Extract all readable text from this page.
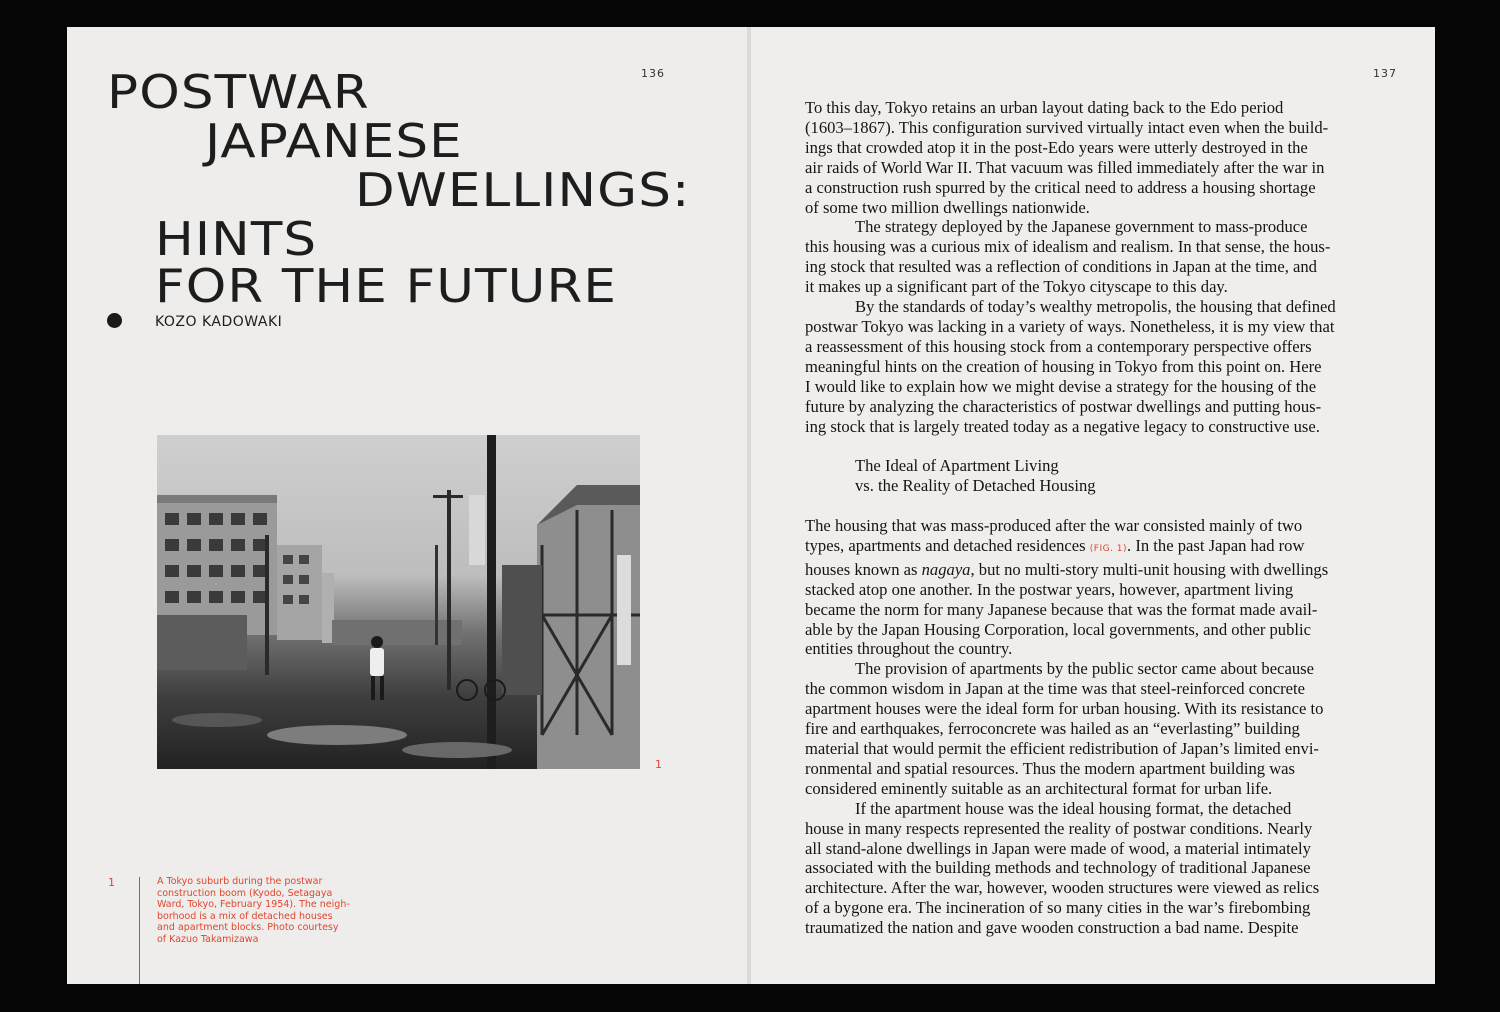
136
POSTWAR
JAPANESE
DWELLINGS:
HINTS
FOR THE FUTURE
KOZO KADOWAKI
1
1	A Tokyo suburb during the postwar
construction boom (Kyodo, Setagaya
Ward, Tokyo, February 1954). The neigh-
borhood is a mix of detached houses
and apartment blocks. Photo courtesy
of Kazuo Takamizawa

137
To this day, Tokyo retains an urban layout dating back to the Edo period
(1603–1867). This configuration survived virtually intact even when the build-
ings that crowded atop it in the post-Edo years were utterly destroyed in the
air raids of World War II. That vacuum was filled immediately after the war in
a construction rush spurred by the critical need to address a housing shortage
of some two million dwellings nationwide.
The strategy deployed by the Japanese government to mass-produce
this housing was a curious mix of idealism and realism. In that sense, the hous-
ing stock that resulted was a reflection of conditions in Japan at the time, and
it makes up a significant part of the Tokyo cityscape to this day.
By the standards of today’s wealthy metropolis, the housing that defined
postwar Tokyo was lacking in a variety of ways. Nonetheless, it is my view that
a reassessment of this housing stock from a contemporary perspective offers
meaningful hints on the creation of housing in Tokyo from this point on. Here
I would like to explain how we might devise a strategy for the housing of the
future by analyzing the characteristics of postwar dwellings and putting hous-
ing stock that is largely treated today as a negative legacy to constructive use.
The Ideal of Apartment Living
vs. the Reality of Detached Housing
The housing that was mass-produced after the war consisted mainly of two
types, apartments and detached residences (FIG. 1). In the past Japan had row
houses known as nagaya, but no multi-story multi-unit housing with dwellings
stacked atop one another. In the postwar years, however, apartment living
became the norm for many Japanese because that was the format made avail-
able by the Japan Housing Corporation, local governments, and other public
entities throughout the country.
The provision of apartments by the public sector came about because
the common wisdom in Japan at the time was that steel-reinforced concrete
apartment houses were the ideal form for urban housing. With its resistance to
fire and earthquakes, ferroconcrete was hailed as an “everlasting” building
material that would permit the efficient redistribution of Japan’s limited envi-
ronmental and spatial resources. Thus the modern apartment building was
considered eminently suitable as an architectural format for urban life.
If the apartment house was the ideal housing format, the detached
house in many respects represented the reality of postwar conditions. Nearly
all stand-alone dwellings in Japan were made of wood, a material intimately
associated with the building methods and technology of traditional Japanese
architecture. After the war, however, wooden structures were viewed as relics
of a bygone era. The incineration of so many cities in the war’s firebombing
traumatized the nation and gave wooden construction a bad name. Despite
